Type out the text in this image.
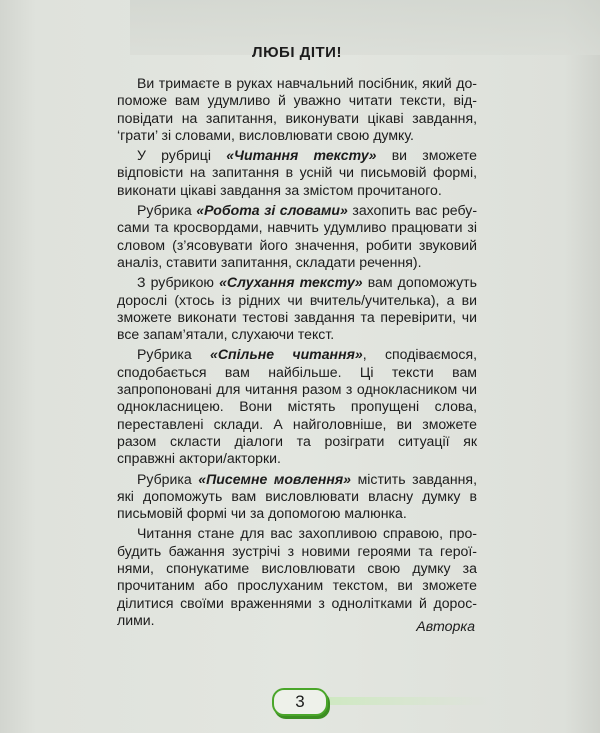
ЛЮБІ ДІТИ!

Ви тримаєте в руках навчальний посібник, який допоможе вам удумливо й уважно читати тексти, відповідати на запитання, виконувати цікаві завдання, ‘грати’ зі словами, висловлювати свою думку.

У рубриці «Читання тексту» ви зможете відповісти на запитання в усній чи письмовій формі, виконати цікаві завдання за змістом прочитаного.

Рубрика «Робота зі словами» захопить вас ребусами та кросвордами, навчить удумливо працювати зі словом (з’ясовувати його значення, робити звуковий аналіз, ставити запитання, складати речення).

З рубрикою «Слухання тексту» вам допоможуть дорослі (хтось із рідних чи вчитель/учителька), а ви зможете виконати тестові завдання та перевірити, чи все запам’ятали, слухаючи текст.

Рубрика «Спільне читання», сподіваємося, сподобається вам найбільше. Ці тексти вам запропоновані для читання разом з однокласником чи однокласницею. Вони містять пропущені слова, переставлені склади. А найголовніше, ви зможете разом скласти діалоги та розіграти ситуації як справжні актори/акторки.

Рубрика «Писемне мовлення» містить завдання, які допоможуть вам висловлювати власну думку в письмовій формі чи за допомогою малюнка.

Читання стане для вас захопливою справою, пробудить бажання зустрічі з новими героями та героїнями, спонукатиме висловлювати свою думку за прочитаним або прослуханим текстом, ви зможете ділитися своїми враженнями з однолітками й дорослими.	Авторка
3
